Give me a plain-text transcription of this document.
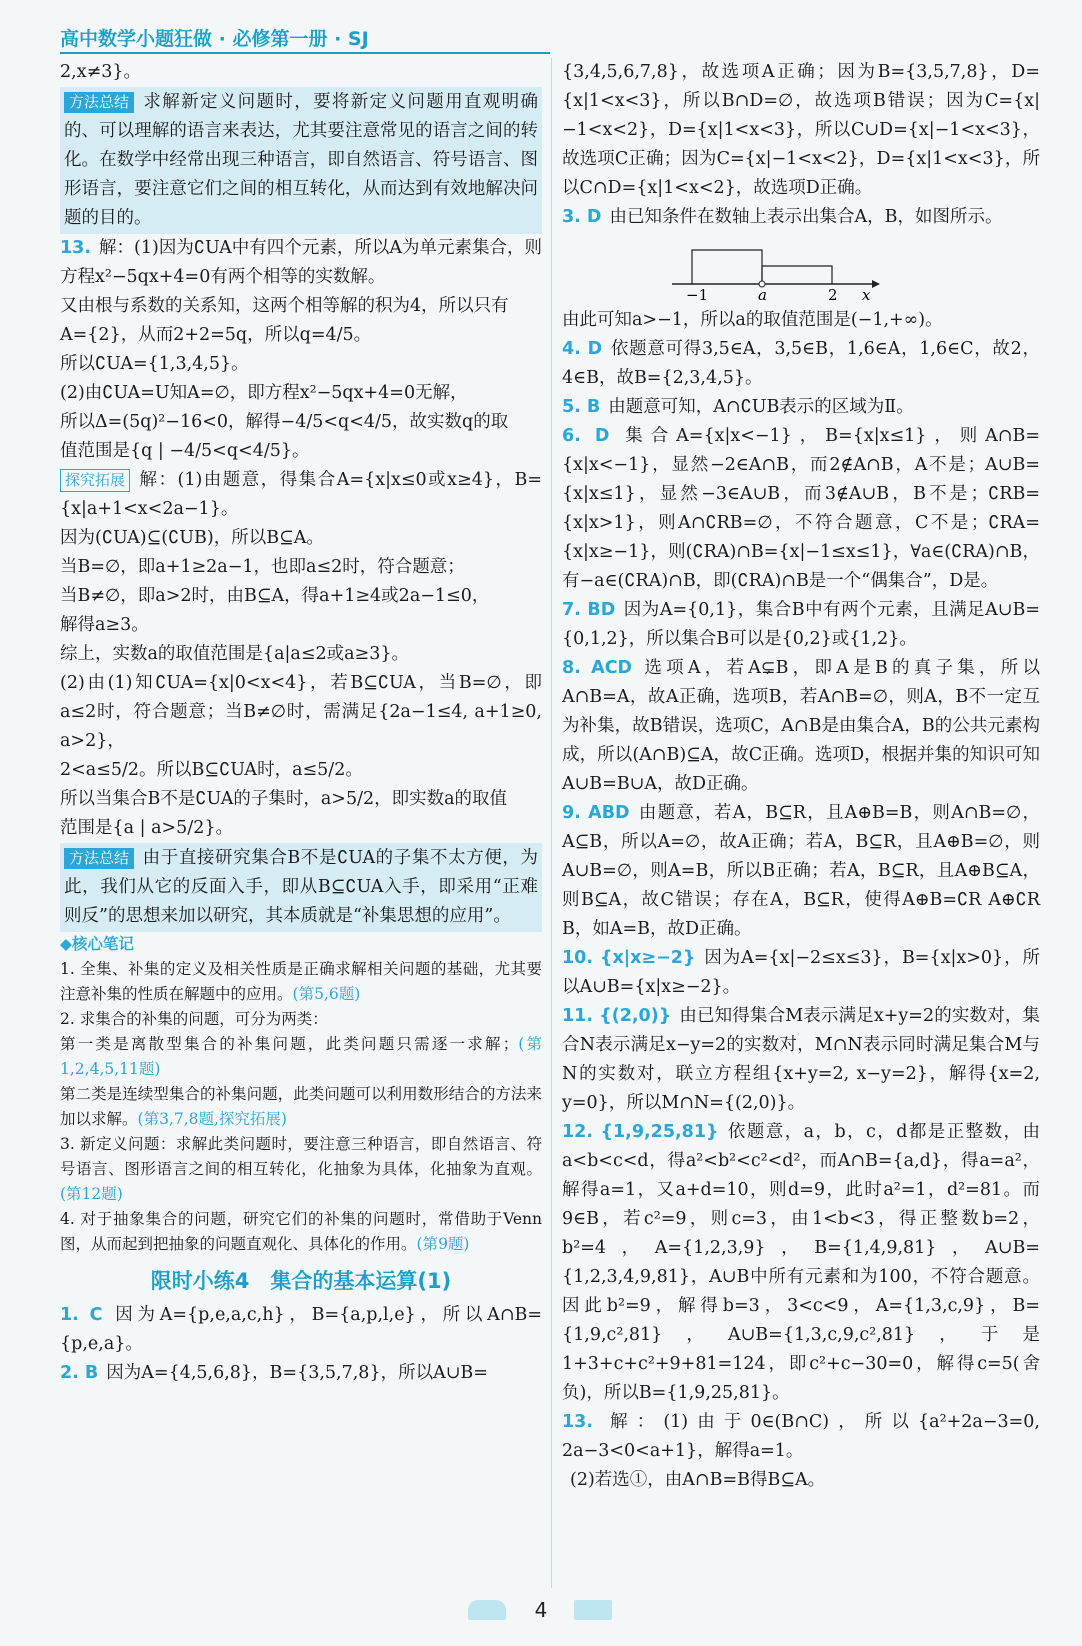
高中数学小题狂做 · 必修第一册 · SJ

2,x≠3}。

方法总结 求解新定义问题时，要将新定义问题用直观明确的、可以理解的语言来表达，尤其要注意常见的语言之间的转化。在数学中经常出现三种语言，即自然语言、符号语言、图形语言，要注意它们之间的相互转化，从而达到有效地解决问题的目的。

13. 解：(1)因为∁UA中有四个元素，所以A为单元素集合，则方程x²−5qx+4=0有两个相等的实数解。

又由根与系数的关系知，这两个相等解的积为4，所以只有

A={2}，从而2+2=5q，所以q=4/5。

所以∁UA={1,3,4,5}。

(2)由∁UA=U知A=∅，即方程x²−5qx+4=0无解，

所以Δ=(5q)²−16<0，解得−4/5<q<4/5，故实数q的取

值范围是{q | −4/5<q<4/5}。

探究拓展 解：(1)由题意，得集合A={x|x≤0或x≥4}，B={x|a+1<x<2a−1}。

因为(∁UA)⊆(∁UB)，所以B⊆A。

当B=∅，即a+1≥2a−1，也即a≤2时，符合题意；

当B≠∅，即a>2时，由B⊆A，得a+1≥4或2a−1≤0，

解得a≥3。

综上，实数a的取值范围是{a|a≤2或a≥3}。

(2)由(1)知∁UA={x|0<x<4}，若B⊆∁UA，当B=∅，即a≤2时，符合题意；当B≠∅时，需满足{2a−1≤4, a+1≥0, a>2}，

2<a≤5/2。所以B⊆∁UA时，a≤5/2。

所以当集合B不是∁UA的子集时，a>5/2，即实数a的取值

范围是{a | a>5/2}。

方法总结 由于直接研究集合B不是∁UA的子集不太方便，为此，我们从它的反面入手，即从B⊆∁UA入手，即采用“正难则反”的思想来加以研究，其本质就是“补集思想的应用”。

◆核心笔记

1. 全集、补集的定义及相关性质是正确求解相关问题的基础，尤其要注意补集的性质在解题中的应用。(第5,6题)

2. 求集合的补集的问题，可分为两类：

第一类是离散型集合的补集问题，此类问题只需逐一求解；(第1,2,4,5,11题)

第二类是连续型集合的补集问题，此类问题可以利用数形结合的方法来加以求解。(第3,7,8题,探究拓展)

3. 新定义问题：求解此类问题时，要注意三种语言，即自然语言、符号语言、图形语言之间的相互转化，化抽象为具体，化抽象为直观。(第12题)

4. 对于抽象集合的问题，研究它们的补集的问题时，常借助于Venn图，从而起到把抽象的问题直观化、具体化的作用。(第9题)

限时小练4　集合的基本运算(1)

1. C 因为A={p,e,a,c,h}，B={a,p,l,e}，所以A∩B={p,e,a}。

2. B 因为A={4,5,6,8}，B={3,5,7,8}，所以A∪B=

{3,4,5,6,7,8}，故选项A正确；因为B={3,5,7,8}，D={x|1<x<3}，所以B∩D=∅，故选项B错误；因为C={x|−1<x<2}，D={x|1<x<3}，所以C∪D={x|−1<x<3}，故选项C正确；因为C={x|−1<x<2}，D={x|1<x<3}，所以C∩D={x|1<x<2}，故选项D正确。

3. D 由已知条件在数轴上表示出集合A，B，如图所示。

−1	a	2 x

由此可知a>−1，所以a的取值范围是(−1,+∞)。

4. D 依题意可得3,5∈A，3,5∈B，1,6∈A，1,6∈C，故2，4∈B，故B={2,3,4,5}。

5. B 由题意可知，A∩∁UB表示的区域为Ⅱ。

6. D 集合A={x|x<−1}，B={x|x≤1}，则A∩B={x|x<−1}，显然−2∈A∩B，而2∉A∩B，A不是；A∪B={x|x≤1}，显然−3∈A∪B，而3∉A∪B，B不是；∁RB={x|x>1}，则A∩∁RB=∅，不符合题意，C不是；∁RA={x|x≥−1}，则(∁RA)∩B={x|−1≤x≤1}，∀a∈(∁RA)∩B，有−a∈(∁RA)∩B，即(∁RA)∩B是一个“偶集合”，D是。

7. BD 因为A={0,1}，集合B中有两个元素，且满足A∪B={0,1,2}，所以集合B可以是{0,2}或{1,2}。

8. ACD 选项A，若A⊊B，即A是B的真子集，所以A∩B=A，故A正确，选项B，若A∩B=∅，则A，B不一定互为补集，故B错误，选项C，A∩B是由集合A，B的公共元素构成，所以(A∩B)⊆A，故C正确。选项D，根据并集的知识可知A∪B=B∪A，故D正确。

9. ABD 由题意，若A，B⊆R，且A⊕B=B，则A∩B=∅，A⊆B，所以A=∅，故A正确；若A，B⊆R，且A⊕B=∅，则A∪B=∅，则A=B，所以B正确；若A，B⊆R，且A⊕B⊆A，则B⊆A，故C错误；存在A，B⊆R，使得A⊕B=∁R A⊕∁R B，如A=B，故D正确。

10. {x|x≥−2} 因为A={x|−2≤x≤3}，B={x|x>0}，所以A∪B={x|x≥−2}。

11. {(2,0)} 由已知得集合M表示满足x+y=2的实数对，集合N表示满足x−y=2的实数对，M∩N表示同时满足集合M与N的实数对，联立方程组{x+y=2, x−y=2}，解得{x=2, y=0}，所以M∩N={(2,0)}。

12. {1,9,25,81} 依题意，a，b，c，d都是正整数，由a<b<c<d，得a²<b²<c²<d²，而A∩B={a,d}，得a=a²，解得a=1，又a+d=10，则d=9，此时a²=1，d²=81。而9∈B，若c²=9，则c=3，由1<b<3，得正整数b=2，b²=4，A={1,2,3,9}，B={1,4,9,81}，A∪B={1,2,3,4,9,81}，A∪B中所有元素和为100，不符合题意。因此b²=9，解得b=3，3<c<9，A={1,3,c,9}，B={1,9,c²,81}，A∪B={1,3,c,9,c²,81}，于是1+3+c+c²+9+81=124，即c²+c−30=0，解得c=5(舍负)，所以B={1,9,25,81}。

13. 解：(1)由于0∈(B∩C)，所以{a²+2a−3=0, 2a−3<0<a+1}，解得a=1。

(2)若选①，由A∩B=B得B⊆A。

4
